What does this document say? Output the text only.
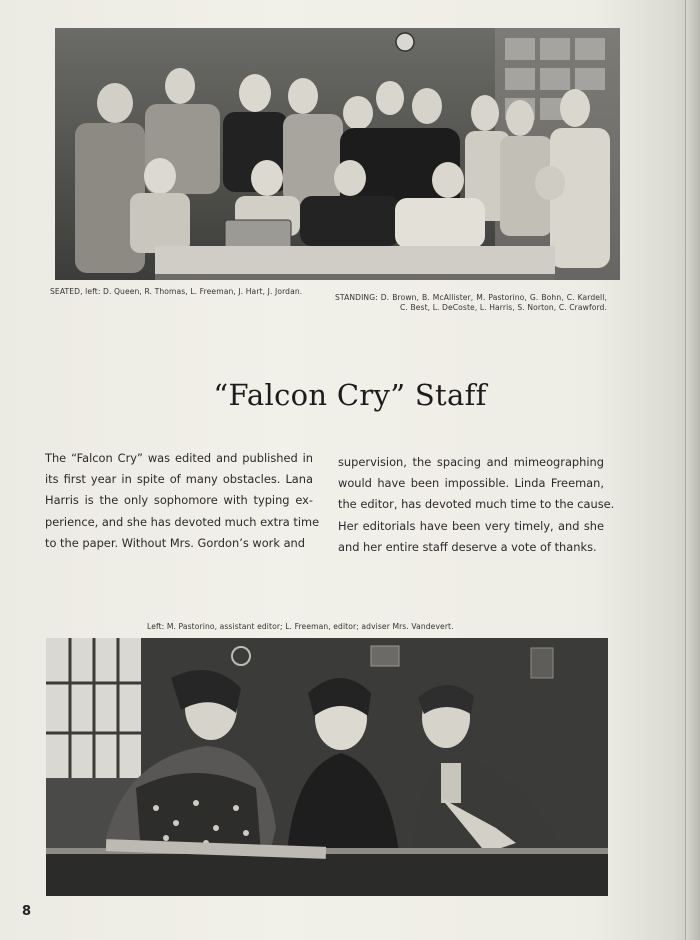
SEATED, left: D. Queen, R. Thomas, L. Freeman, J. Hart, J. Jordan.
STANDING: D. Brown, B. McAllister, M. Pastorino, G. Bohn, C. Kardell, C. Best, L. DeCoste, L. Harris, S. Norton, C. Crawford.
“Falcon Cry” Staff
The “Falcon Cry” was edited and published in
its first year in spite of many obstacles. Lana
Harris is the only sophomore with typing ex-
perience, and she has devoted much extra time
to the paper. Without Mrs. Gordon’s work and
supervision, the spacing and mimeographing
would have been impossible. Linda Freeman,
the editor, has devoted much time to the cause.
Her editorials have been very timely, and she
and her entire staff deserve a vote of thanks.
Left: M. Pastorino, assistant editor; L. Freeman, editor; adviser Mrs. Vandevert.
8
